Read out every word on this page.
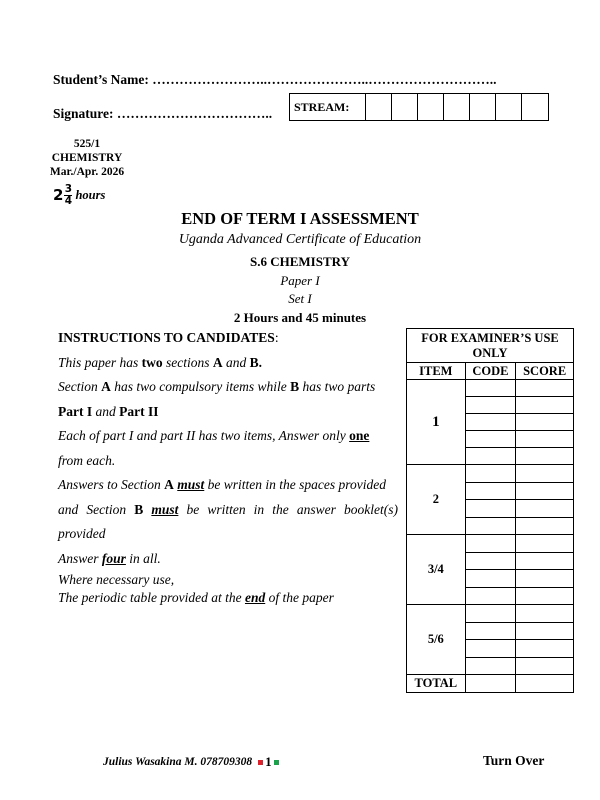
Student’s Name: ……………………..…………………..………………………..
Signature: ……………………………..	STREAM:
525/1
CHEMISTRY
Mar./Apr. 2026
2 3
4 hours
END OF TERM I ASSESSMENT
Uganda Advanced Certificate of Education
S.6 CHEMISTRY
Paper I
Set I
2 Hours and 45 minutes
INSTRUCTIONS TO CANDIDATES:
This paper has two sections A and B.
Section A has two compulsory items while B has two parts
Part I and Part II
Each of part I and part II has two items, Answer only one
from each.
Answers to Section A must be written in the spaces provided
and Section B must be written in the answer booklet(s)
provided
Answer four in all.
Where necessary use,
The periodic table provided at the end of the paper
FOR EXAMINER’S USE ONLY		
ITEM	CODE	SCORE
1		

2		

3/4		

5/6		

TOTAL		
Julius Wasakina M. 078709308 1	Turn Over
